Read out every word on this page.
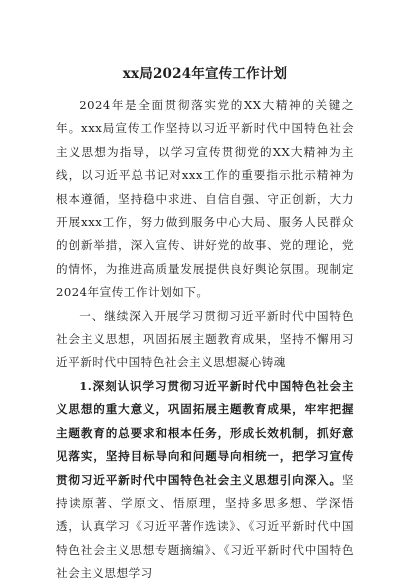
xx局2024年宣传工作计划

2024年是全面贯彻落实党的XX大精神的关键之年。xxx局宣传工作坚持以习近平新时代中国特色社会主义思想为指导，以学习宣传贯彻党的XX大精神为主线，以习近平总书记对xxx工作的重要指示批示精神为根本遵循，坚持稳中求进、自信自强、守正创新，大力开展xxx工作，努力做到服务中心大局、服务人民群众的创新举措，深入宣传、讲好党的故事、党的理论，党的情怀，为推进高质量发展提供良好舆论氛围。现制定2024年宣传工作计划如下。

一、继续深入开展学习贯彻习近平新时代中国特色社会主义思想，巩固拓展主题教育成果，坚持不懈用习近平新时代中国特色社会主义思想凝心铸魂

1.深刻认识学习贯彻习近平新时代中国特色社会主义思想的重大意义，巩固拓展主题教育成果，牢牢把握主题教育的总要求和根本任务，形成长效机制，抓好意见落实，坚持目标导向和问题导向相统一，把学习宣传贯彻习近平新时代中国特色社会主义思想引向深入。坚持读原著、学原文、悟原理，坚持多思多想、学深悟透，认真学习《习近平著作选读》、《习近平新时代中国特色社会主义思想专题摘编》、《习近平新时代中国特色社会主义思想学习
